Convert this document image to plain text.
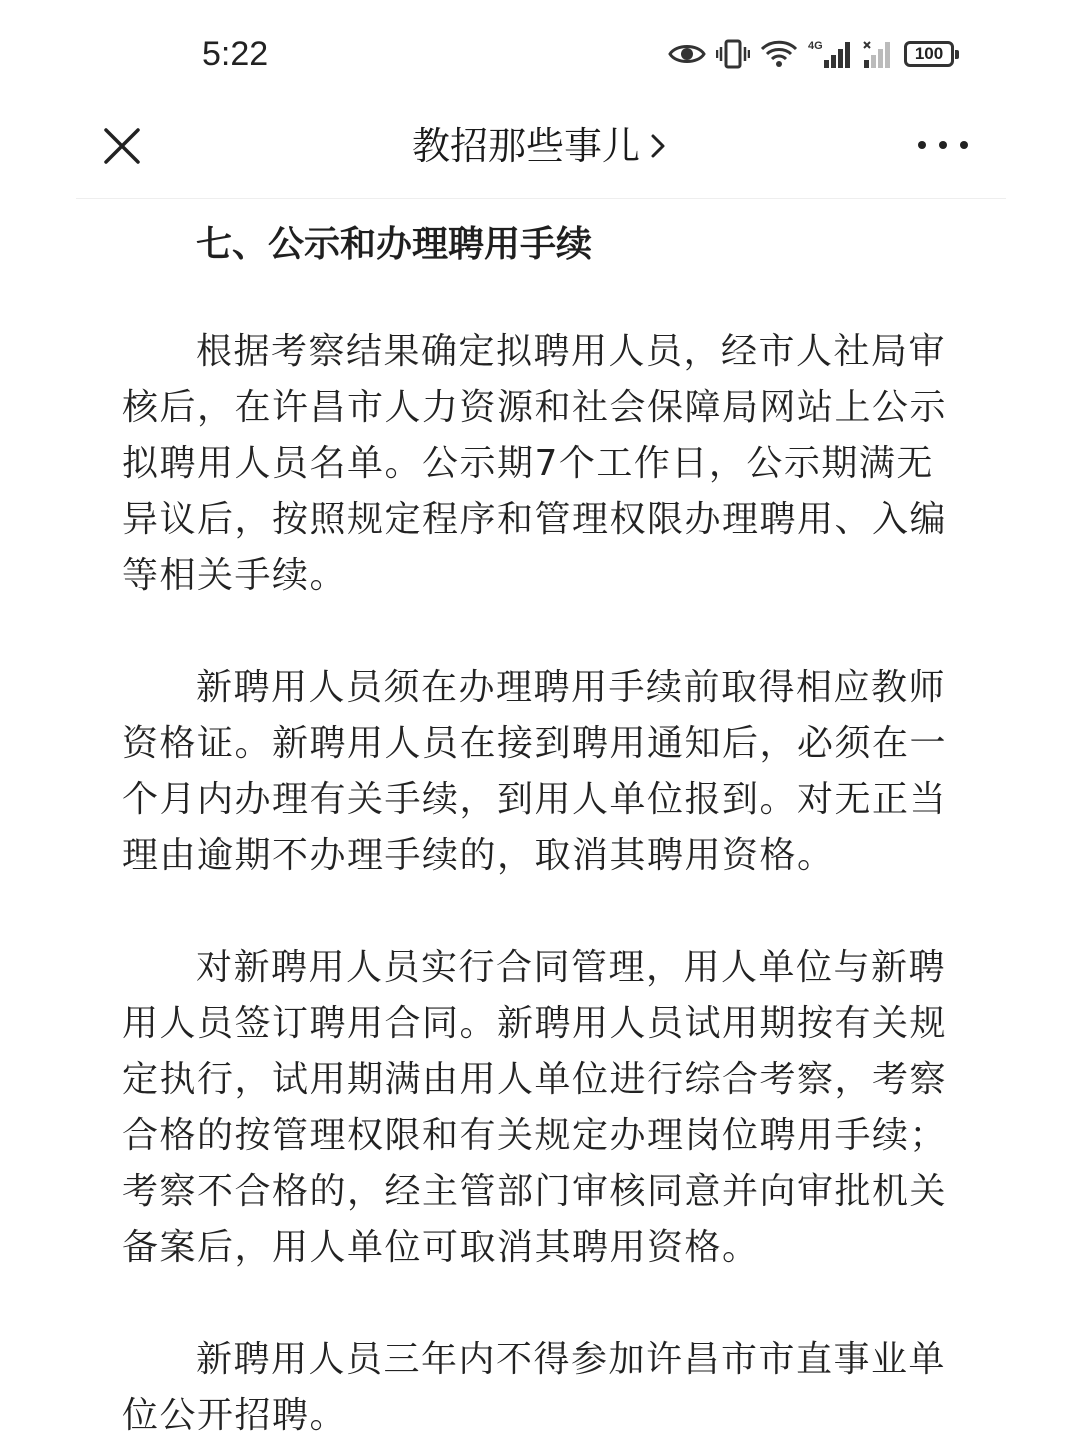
5:22	4G	100
教招那些事儿
七、公示和办理聘用手续

根据考察结果确定拟聘用人员，经市人社局审核后，在许昌市人力资源和社会保障局网站上公示拟聘用人员名单。公示期7个工作日，公示期满无异议后，按照规定程序和管理权限办理聘用、入编等相关手续。

新聘用人员须在办理聘用手续前取得相应教师资格证。新聘用人员在接到聘用通知后，必须在一个月内办理有关手续，到用人单位报到。对无正当理由逾期不办理手续的，取消其聘用资格。

对新聘用人员实行合同管理，用人单位与新聘用人员签订聘用合同。新聘用人员试用期按有关规定执行，试用期满由用人单位进行综合考察，考察合格的按管理权限和有关规定办理岗位聘用手续；考察不合格的，经主管部门审核同意并向审批机关备案后，用人单位可取消其聘用资格。

新聘用人员三年内不得参加许昌市市直事业单位公开招聘。
